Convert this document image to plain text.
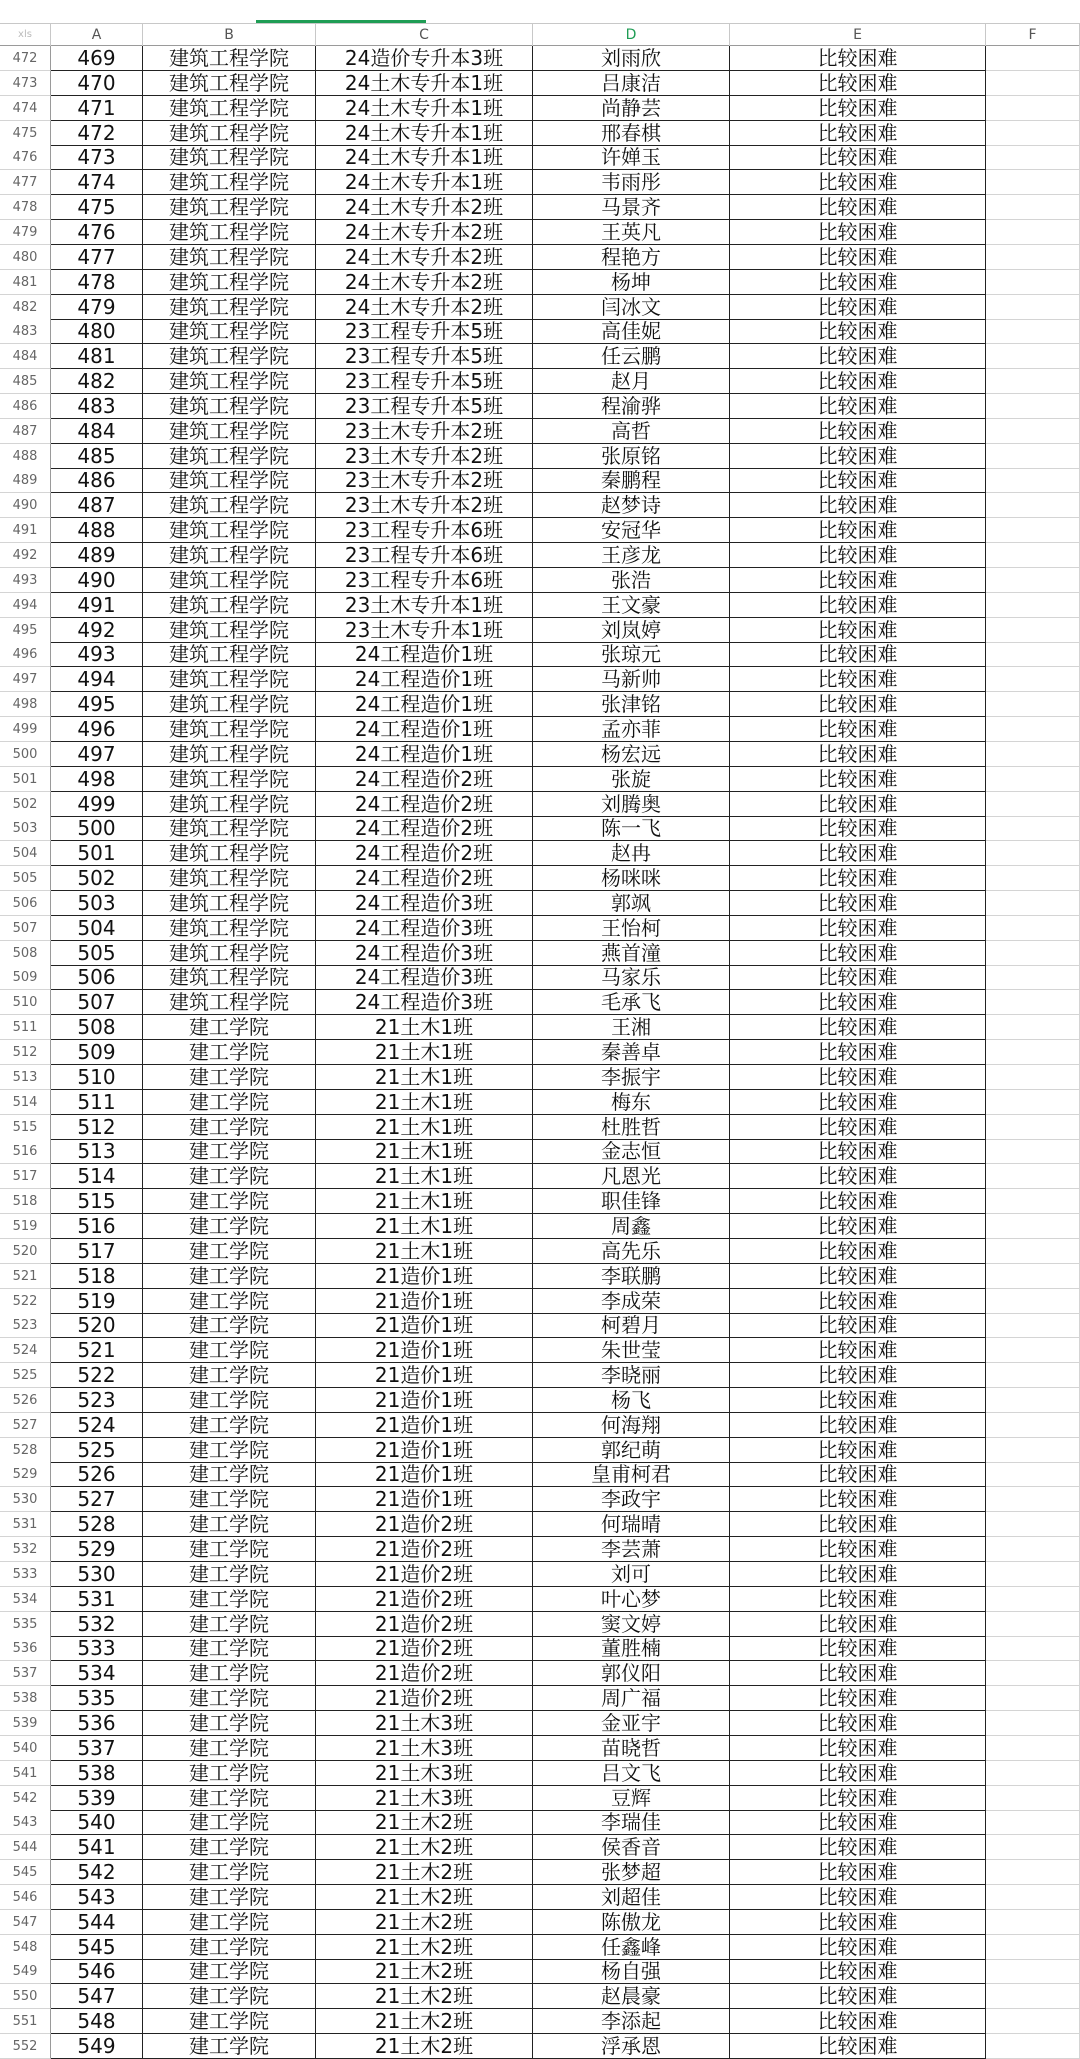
xls	A	B	C	D	E	F
472	469	建筑工程学院	24造价专升本3班	刘雨欣	比较困难
473	470	建筑工程学院	24土木专升本1班	吕康洁	比较困难
474	471	建筑工程学院	24土木专升本1班	尚静芸	比较困难
475	472	建筑工程学院	24土木专升本1班	邢春棋	比较困难
476	473	建筑工程学院	24土木专升本1班	许婵玉	比较困难
477	474	建筑工程学院	24土木专升本1班	韦雨彤	比较困难
478	475	建筑工程学院	24土木专升本2班	马景齐	比较困难
479	476	建筑工程学院	24土木专升本2班	王英凡	比较困难
480	477	建筑工程学院	24土木专升本2班	程艳方	比较困难
481	478	建筑工程学院	24土木专升本2班	杨坤	比较困难
482	479	建筑工程学院	24土木专升本2班	闫冰文	比较困难
483	480	建筑工程学院	23工程专升本5班	高佳妮	比较困难
484	481	建筑工程学院	23工程专升本5班	任云鹏	比较困难
485	482	建筑工程学院	23工程专升本5班	赵月	比较困难
486	483	建筑工程学院	23工程专升本5班	程渝骅	比较困难
487	484	建筑工程学院	23土木专升本2班	高哲	比较困难
488	485	建筑工程学院	23土木专升本2班	张原铭	比较困难
489	486	建筑工程学院	23土木专升本2班	秦鹏程	比较困难
490	487	建筑工程学院	23土木专升本2班	赵梦诗	比较困难
491	488	建筑工程学院	23工程专升本6班	安冠华	比较困难
492	489	建筑工程学院	23工程专升本6班	王彦龙	比较困难
493	490	建筑工程学院	23工程专升本6班	张浩	比较困难
494	491	建筑工程学院	23土木专升本1班	王文豪	比较困难
495	492	建筑工程学院	23土木专升本1班	刘岚婷	比较困难
496	493	建筑工程学院	24工程造价1班	张琼元	比较困难
497	494	建筑工程学院	24工程造价1班	马新帅	比较困难
498	495	建筑工程学院	24工程造价1班	张津铭	比较困难
499	496	建筑工程学院	24工程造价1班	孟亦菲	比较困难
500	497	建筑工程学院	24工程造价1班	杨宏远	比较困难
501	498	建筑工程学院	24工程造价2班	张旋	比较困难
502	499	建筑工程学院	24工程造价2班	刘腾奥	比较困难
503	500	建筑工程学院	24工程造价2班	陈一飞	比较困难
504	501	建筑工程学院	24工程造价2班	赵冉	比较困难
505	502	建筑工程学院	24工程造价2班	杨咪咪	比较困难
506	503	建筑工程学院	24工程造价3班	郭飒	比较困难
507	504	建筑工程学院	24工程造价3班	王怡柯	比较困难
508	505	建筑工程学院	24工程造价3班	燕首潼	比较困难
509	506	建筑工程学院	24工程造价3班	马家乐	比较困难
510	507	建筑工程学院	24工程造价3班	毛承飞	比较困难
511	508	建工学院	21土木1班	王湘	比较困难
512	509	建工学院	21土木1班	秦善卓	比较困难
513	510	建工学院	21土木1班	李振宇	比较困难
514	511	建工学院	21土木1班	梅东	比较困难
515	512	建工学院	21土木1班	杜胜哲	比较困难
516	513	建工学院	21土木1班	金志恒	比较困难
517	514	建工学院	21土木1班	凡恩光	比较困难
518	515	建工学院	21土木1班	职佳锋	比较困难
519	516	建工学院	21土木1班	周鑫	比较困难
520	517	建工学院	21土木1班	高先乐	比较困难
521	518	建工学院	21造价1班	李联鹏	比较困难
522	519	建工学院	21造价1班	李成荣	比较困难
523	520	建工学院	21造价1班	柯碧月	比较困难
524	521	建工学院	21造价1班	朱世莹	比较困难
525	522	建工学院	21造价1班	李晓丽	比较困难
526	523	建工学院	21造价1班	杨飞	比较困难
527	524	建工学院	21造价1班	何海翔	比较困难
528	525	建工学院	21造价1班	郭纪萌	比较困难
529	526	建工学院	21造价1班	皇甫柯君	比较困难
530	527	建工学院	21造价1班	李政宇	比较困难
531	528	建工学院	21造价2班	何瑞晴	比较困难
532	529	建工学院	21造价2班	李芸萧	比较困难
533	530	建工学院	21造价2班	刘可	比较困难
534	531	建工学院	21造价2班	叶心梦	比较困难
535	532	建工学院	21造价2班	窦文婷	比较困难
536	533	建工学院	21造价2班	董胜楠	比较困难
537	534	建工学院	21造价2班	郭仪阳	比较困难
538	535	建工学院	21造价2班	周广福	比较困难
539	536	建工学院	21土木3班	金亚宇	比较困难
540	537	建工学院	21土木3班	苗晓哲	比较困难
541	538	建工学院	21土木3班	吕文飞	比较困难
542	539	建工学院	21土木3班	豆辉	比较困难
543	540	建工学院	21土木2班	李瑞佳	比较困难
544	541	建工学院	21土木2班	侯香音	比较困难
545	542	建工学院	21土木2班	张梦超	比较困难
546	543	建工学院	21土木2班	刘超佳	比较困难
547	544	建工学院	21土木2班	陈傲龙	比较困难
548	545	建工学院	21土木2班	任鑫峰	比较困难
549	546	建工学院	21土木2班	杨自强	比较困难
550	547	建工学院	21土木2班	赵晨豪	比较困难
551	548	建工学院	21土木2班	李添起	比较困难
552	549	建工学院	21土木2班	浮承恩	比较困难
